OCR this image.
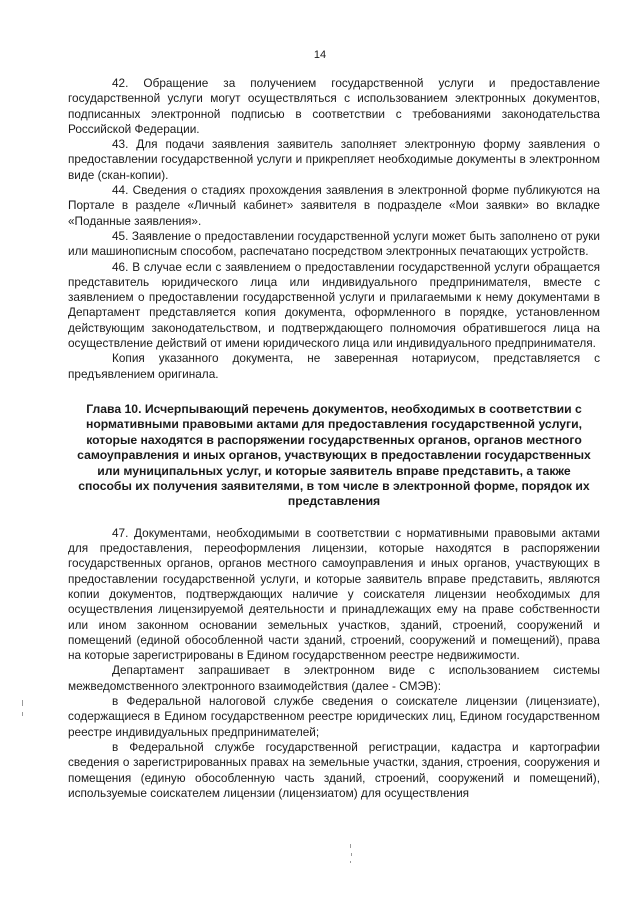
14

42. Обращение за получением государственной услуги и предоставление государственной услуги могут осуществляться с использованием электронных документов, подписанных электронной подписью в соответствии с требованиями законодательства Российской Федерации.

43. Для подачи заявления заявитель заполняет электронную форму заявления о предоставлении государственной услуги и прикрепляет необходимые документы в электронном виде (скан-копии).

44. Сведения о стадиях прохождения заявления в электронной форме публикуются на Портале в разделе «Личный кабинет» заявителя в подразделе «Мои заявки» во вкладке «Поданные заявления».

45. Заявление о предоставлении государственной услуги может быть заполнено от руки или машинописным способом, распечатано посредством электронных печатающих устройств.

46. В случае если с заявлением о предоставлении государственной услуги обращается представитель юридического лица или индивидуального предпринимателя, вместе с заявлением о предоставлении государственной услуги и прилагаемыми к нему документами в Департамент представляется копия документа, оформленного в порядке, установленном действующим законодательством, и подтверждающего полномочия обратившегося лица на осуществление действий от имени юридического лица или индивидуального предпринимателя.

Копия указанного документа, не заверенная нотариусом, представляется с предъявлением оригинала.

Глава 10. Исчерпывающий перечень документов, необходимых в соответствии с нормативными правовыми актами для предоставления государственной услуги, которые находятся в распоряжении государственных органов, органов местного самоуправления и иных органов, участвующих в предоставлении государственных или муниципальных услуг, и которые заявитель вправе представить, а также способы их получения заявителями, в том числе в электронной форме, порядок их представления

47. Документами, необходимыми в соответствии с нормативными правовыми актами для предоставления, переоформления лицензии, которые находятся в распоряжении государственных органов, органов местного самоуправления и иных органов, участвующих в предоставлении государственной услуги, и которые заявитель вправе представить, являются копии документов, подтверждающих наличие у соискателя лицензии необходимых для осуществления лицензируемой деятельности и принадлежащих ему на праве собственности или ином законном основании земельных участков, зданий, строений, сооружений и помещений (единой обособленной части зданий, строений, сооружений и помещений), права на которые зарегистрированы в Едином государственном реестре недвижимости.

Департамент запрашивает в электронном виде с использованием системы межведомственного электронного взаимодействия (далее - СМЭВ):

в Федеральной налоговой службе сведения о соискателе лицензии (лицензиате), содержащиеся в Едином государственном реестре юридических лиц, Едином государственном реестре индивидуальных предпринимателей;

в Федеральной службе государственной регистрации, кадастра и картографии сведения о зарегистрированных правах на земельные участки, здания, строения, сооружения и помещения (единую обособленную часть зданий, строений, сооружений и помещений), используемые соискателем лицензии (лицензиатом) для осуществления
